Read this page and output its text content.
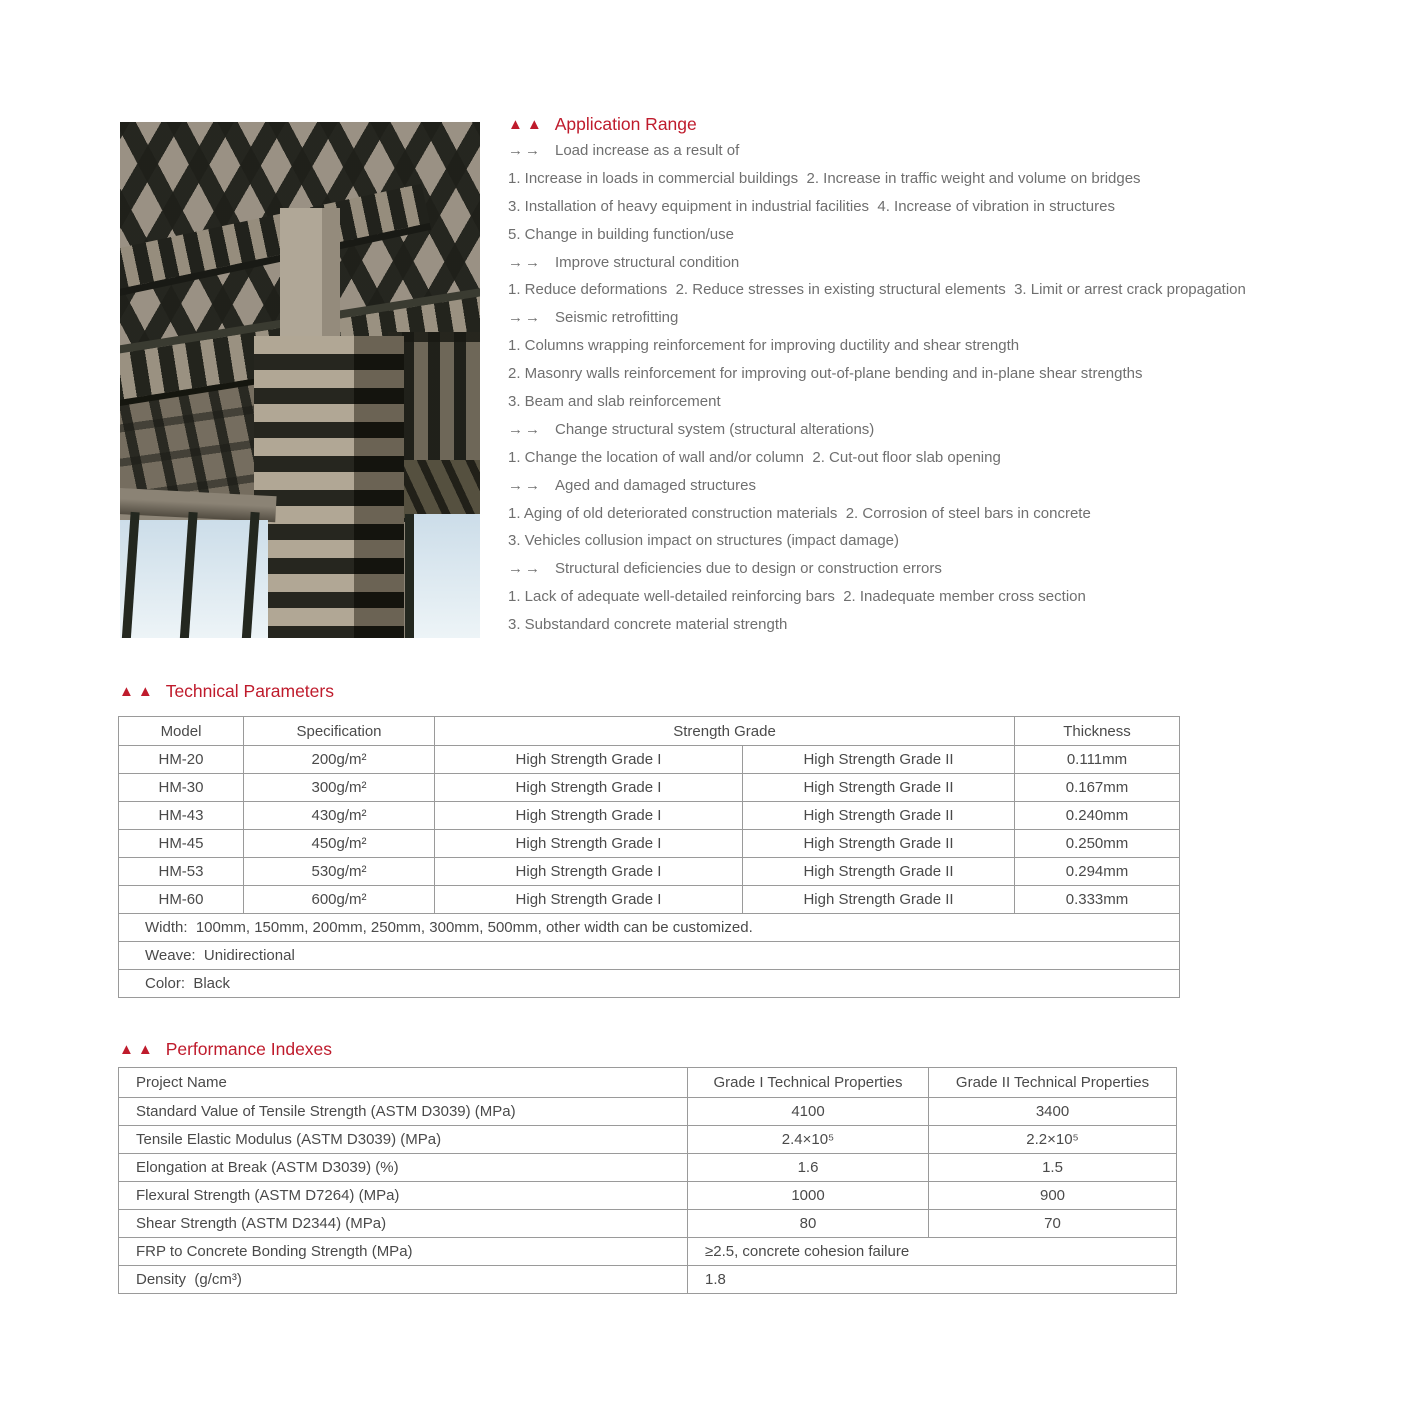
▲▲ Application Range
→→ Load increase as a result of
1. Increase in loads in commercial buildings  2. Increase in traffic weight and volume on bridges
3. Installation of heavy equipment in industrial facilities  4. Increase of vibration in structures
5. Change in building function/use
→→ Improve structural condition
1. Reduce deformations  2. Reduce stresses in existing structural elements  3. Limit or arrest crack propagation
→→ Seismic retrofitting
1. Columns wrapping reinforcement for improving ductility and shear strength
2. Masonry walls reinforcement for improving out-of-plane bending and in-plane shear strengths
3. Beam and slab reinforcement
→→ Change structural system (structural alterations)
1. Change the location of wall and/or column  2. Cut-out floor slab opening
→→ Aged and damaged structures
1. Aging of old deteriorated construction materials  2. Corrosion of steel bars in concrete
3. Vehicles collusion impact on structures (impact damage)
→→ Structural deficiencies due to design or construction errors
1. Lack of adequate well-detailed reinforcing bars  2. Inadequate member cross section
3. Substandard concrete material strength
▲▲ Technical Parameters
Model	Specification	Strength Grade		Thickness
HM-20	200g/m²	High Strength Grade I	High Strength Grade II	0.111mm
HM-30	300g/m²	High Strength Grade I	High Strength Grade II	0.167mm
HM-43	430g/m²	High Strength Grade I	High Strength Grade II	0.240mm
HM-45	450g/m²	High Strength Grade I	High Strength Grade II	0.250mm
HM-53	530g/m²	High Strength Grade I	High Strength Grade II	0.294mm
HM-60	600g/m²	High Strength Grade I	High Strength Grade II	0.333mm
Width:  100mm, 150mm, 200mm, 250mm, 300mm, 500mm, other width can be customized.				
Weave:  Unidirectional				
Color:  Black				
▲▲ Performance Indexes
Project Name	Grade I Technical Properties	Grade II Technical Properties
Standard Value of Tensile Strength (ASTM D3039) (MPa)	4100	3400
Tensile Elastic Modulus (ASTM D3039) (MPa)	2.4×10⁵	2.2×10⁵
Elongation at Break (ASTM D3039) (%)	1.6	1.5
Flexural Strength (ASTM D7264) (MPa)	1000	900
Shear Strength (ASTM D2344) (MPa)	80	70
FRP to Concrete Bonding Strength (MPa)	≥2.5, concrete cohesion failure	
Density  (g/cm³)	1.8	
